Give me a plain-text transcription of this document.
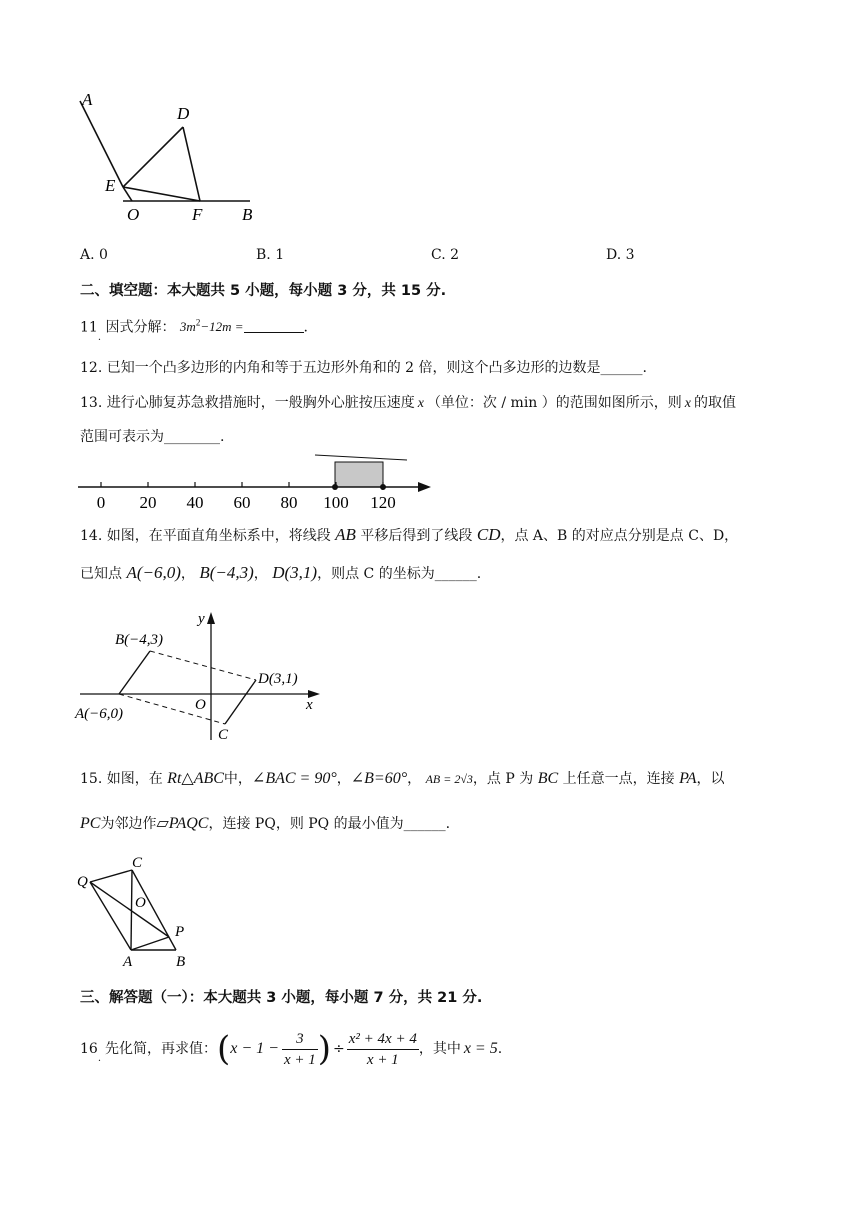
A
D
E
O	F B
A. 0	B. 1	C. 2	D. 3
二、填空题：本大题共 5 小题，每小题 3 分，共 15 分.
$11_.$ 因式分解： $3m^2-12m$ =	.
12. 已知一个凸多边形的内角和等于五边形外角和的 2 倍，则这个凸多边形的边数是______.
13. 进行心肺复苏急救措施时，一般胸外心脏按压速度 x （单位：次 / min ）的范围如图所示，则 x 的取值
范围可表示为________.
0 20 40 60 80 100 120
14. 如图，在平面直角坐标系中，将线段 AB 平移后得到了线段 CD，点 A、B 的对应点分别是点 C、D，
已知点 A(−6,0)， B(−4,3)， D(3,1)，则点 C 的坐标为______.
y
x
O
B(−4,3)
D(3,1)
A(−6,0)
C
15. 如图，在 Rt△ABC中，∠BAC = 90°，∠B=60°， AB = 2√3，点 P 为 BC 上任意一点，连接 PA，以
PC为邻边作▱PAQC，连接 PQ，则 PQ 的最小值为______.
Q
C
O
P
A	B
三、解答题（一）：本大题共 3 小题，每小题 7 分，共 21 分.
16
.
先化简，再求值： ( $x - 1 - \frac{3}{x + 1}$ ) ÷ $\frac{\text{x² + 4x + 4}}{x + 1}$ ，其中 x = 5 .
